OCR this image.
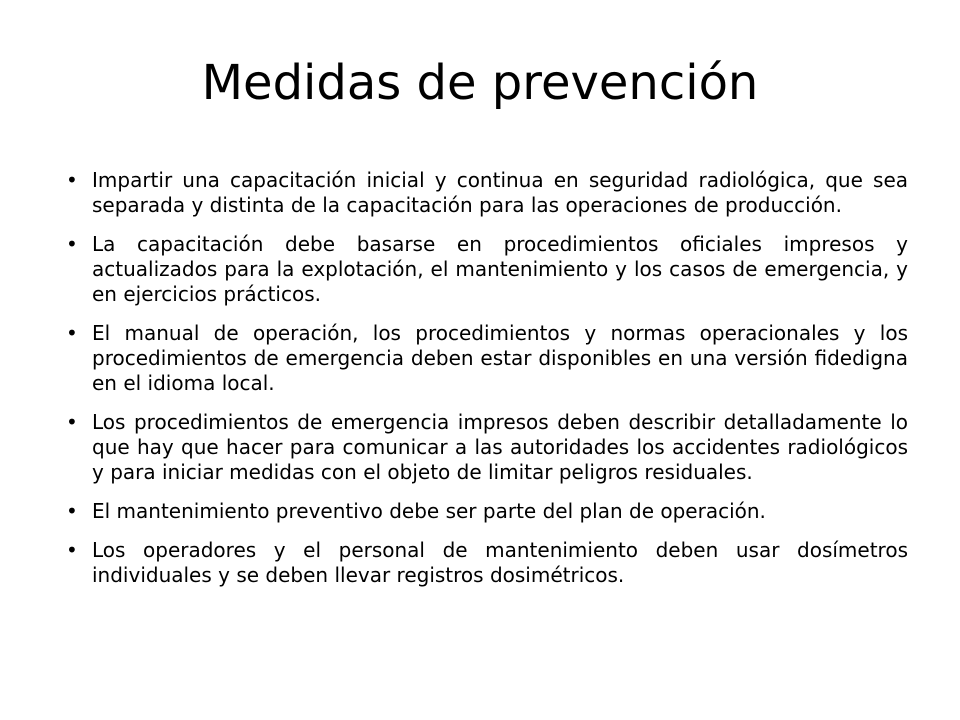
Medidas de prevención
• Impartir una capacitación inicial y continua en seguridad radiológica, que sea separada y distinta de la capacitación para las operaciones de producción.
• La capacitación debe basarse en procedimientos oficiales impresos y actualizados para la explotación, el mantenimiento y los casos de emergencia, y en ejercicios prácticos.
• El manual de operación, los procedimientos y normas operacionales y los procedimientos de emergencia deben estar disponibles en una versión fidedigna en el idioma local.
• Los procedimientos de emergencia impresos deben describir detalladamente lo que hay que hacer para comunicar a las autoridades los accidentes radiológicos y para iniciar medidas con el objeto de limitar peligros residuales.
• El mantenimiento preventivo debe ser parte del plan de operación.
• Los operadores y el personal de mantenimiento deben usar dosímetros individuales y se deben llevar registros dosimétricos.
